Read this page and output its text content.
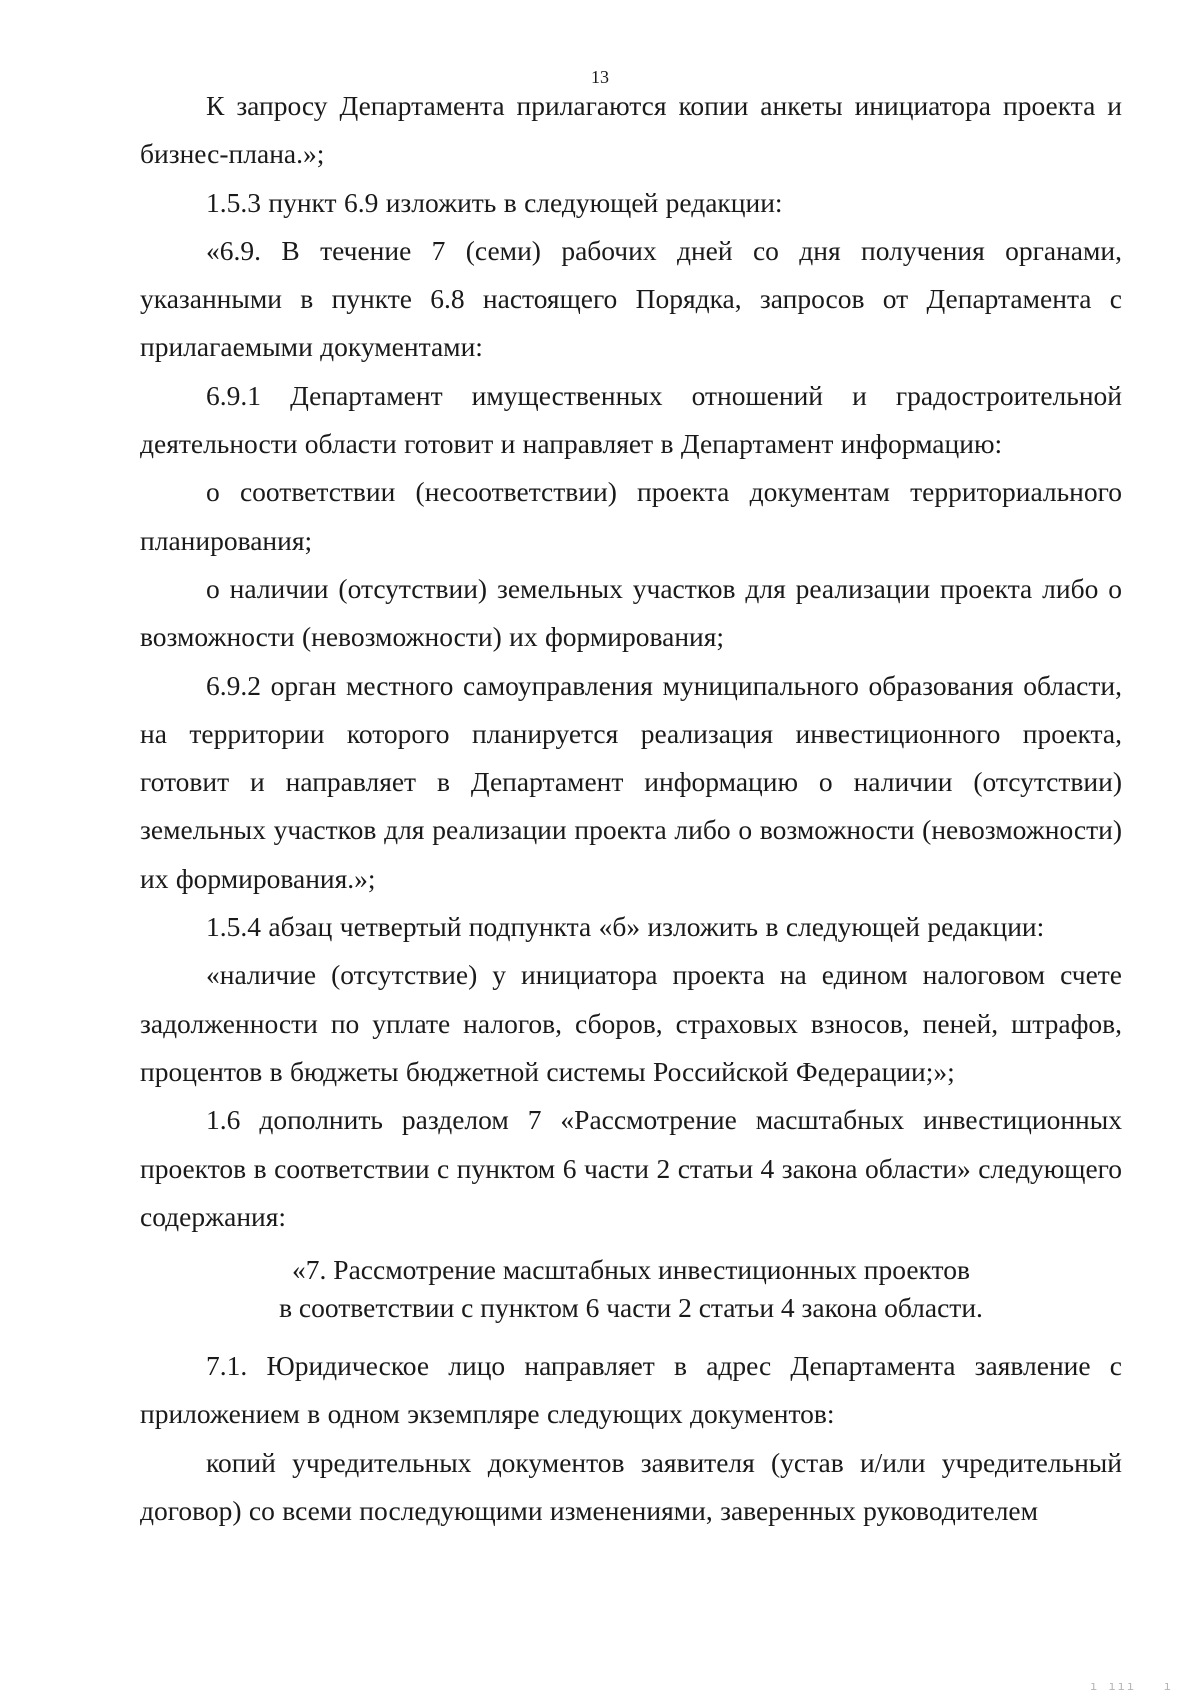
13

К запросу Департамента прилагаются копии анкеты инициатора проекта и бизнес-плана.»;

1.5.3 пункт 6.9 изложить в следующей редакции:

«6.9. В течение 7 (семи) рабочих дней со дня получения органами, указанными в пункте 6.8 настоящего Порядка, запросов от Департамента с прилагаемыми документами:

6.9.1 Департамент имущественных отношений и градостроительной деятельности области готовит и направляет в Департамент информацию:

о соответствии (несоответствии) проекта документам территориального планирования;

о наличии (отсутствии) земельных участков для реализации проекта либо о возможности (невозможности) их формирования;

6.9.2 орган местного самоуправления муниципального образования области, на территории которого планируется реализация инвестиционного проекта, готовит и направляет в Департамент информацию о наличии (отсутствии) земельных участков для реализации проекта либо о возможности (невозможности) их формирования.»;

1.5.4 абзац четвертый подпункта «б» изложить в следующей редакции:

«наличие (отсутствие) у инициатора проекта на едином налоговом счете задолженности по уплате налогов, сборов, страховых взносов, пеней, штрафов, процентов в бюджеты бюджетной системы Российской Федерации;»;

1.6 дополнить разделом 7 «Рассмотрение масштабных инвестиционных проектов в соответствии с пунктом 6 части 2 статьи 4 закона области» следующего содержания:

«7. Рассмотрение масштабных инвестиционных проектов
в соответствии с пунктом 6 части 2 статьи 4 закона области.

7.1. Юридическое лицо направляет в адрес Департамента заявление с приложением в одном экземпляре следующих документов:

копий учредительных документов заявителя (устав и/или учредительный договор) со всеми последующими изменениями, заверенных руководителем

ı ııı   ı
